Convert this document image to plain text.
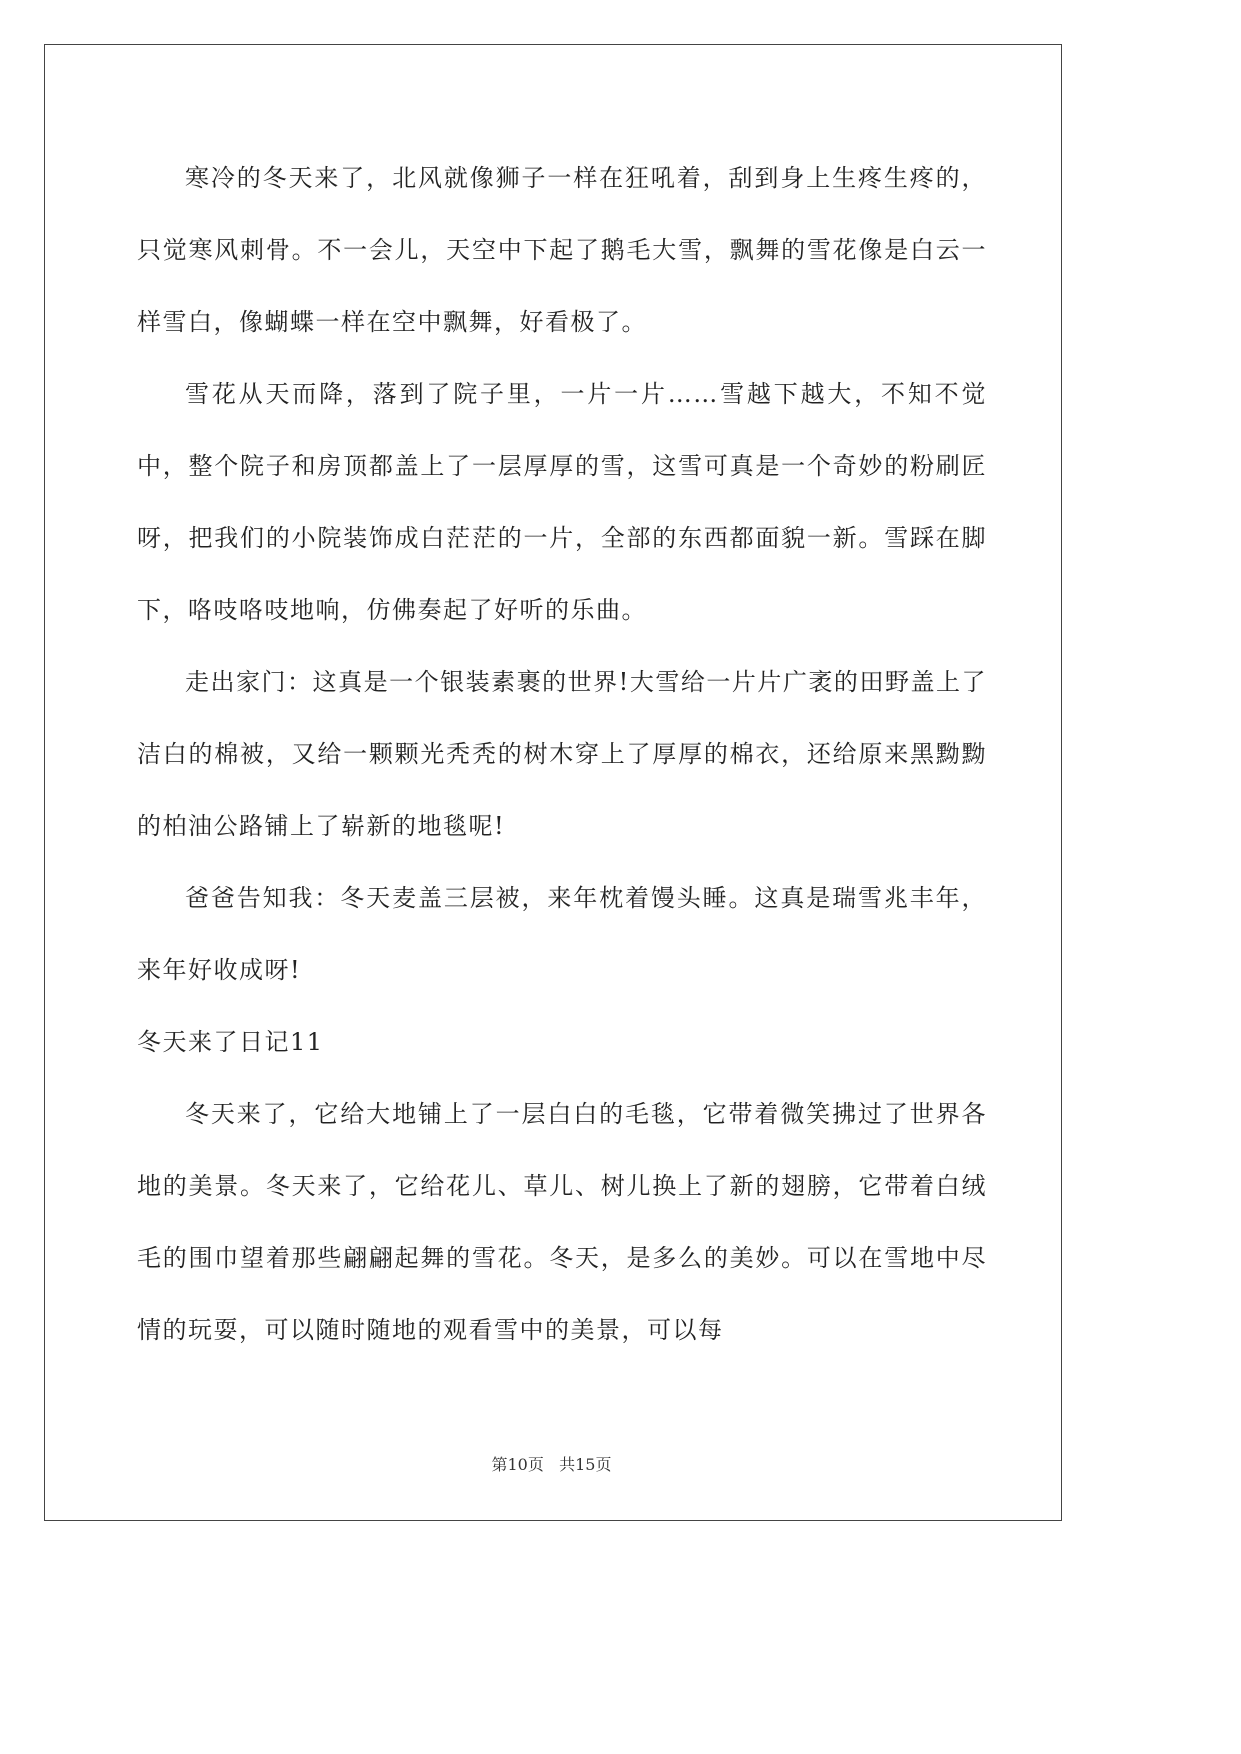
寒冷的冬天来了，北风就像狮子一样在狂吼着，刮到身上生疼生疼的，只觉寒风刺骨。不一会儿，天空中下起了鹅毛大雪，飘舞的雪花像是白云一样雪白，像蝴蝶一样在空中飘舞，好看极了。

雪花从天而降，落到了院子里，一片一片……雪越下越大，不知不觉中，整个院子和房顶都盖上了一层厚厚的雪，这雪可真是一个奇妙的粉刷匠呀，把我们的小院装饰成白茫茫的一片，全部的东西都面貌一新。雪踩在脚下，咯吱咯吱地响，仿佛奏起了好听的乐曲。

走出家门：这真是一个银装素裹的世界!大雪给一片片广袤的田野盖上了洁白的棉被，又给一颗颗光秃秃的树木穿上了厚厚的棉衣，还给原来黑黝黝的柏油公路铺上了崭新的地毯呢!

爸爸告知我：冬天麦盖三层被，来年枕着馒头睡。这真是瑞雪兆丰年，来年好收成呀!

冬天来了日记11

冬天来了，它给大地铺上了一层白白的毛毯，它带着微笑拂过了世界各地的美景。冬天来了，它给花儿、草儿、树儿换上了新的翅膀，它带着白绒毛的围巾望着那些翩翩起舞的雪花。冬天，是多么的美妙。可以在雪地中尽情的玩耍，可以随时随地的观看雪中的美景，可以每

第10页 共15页
